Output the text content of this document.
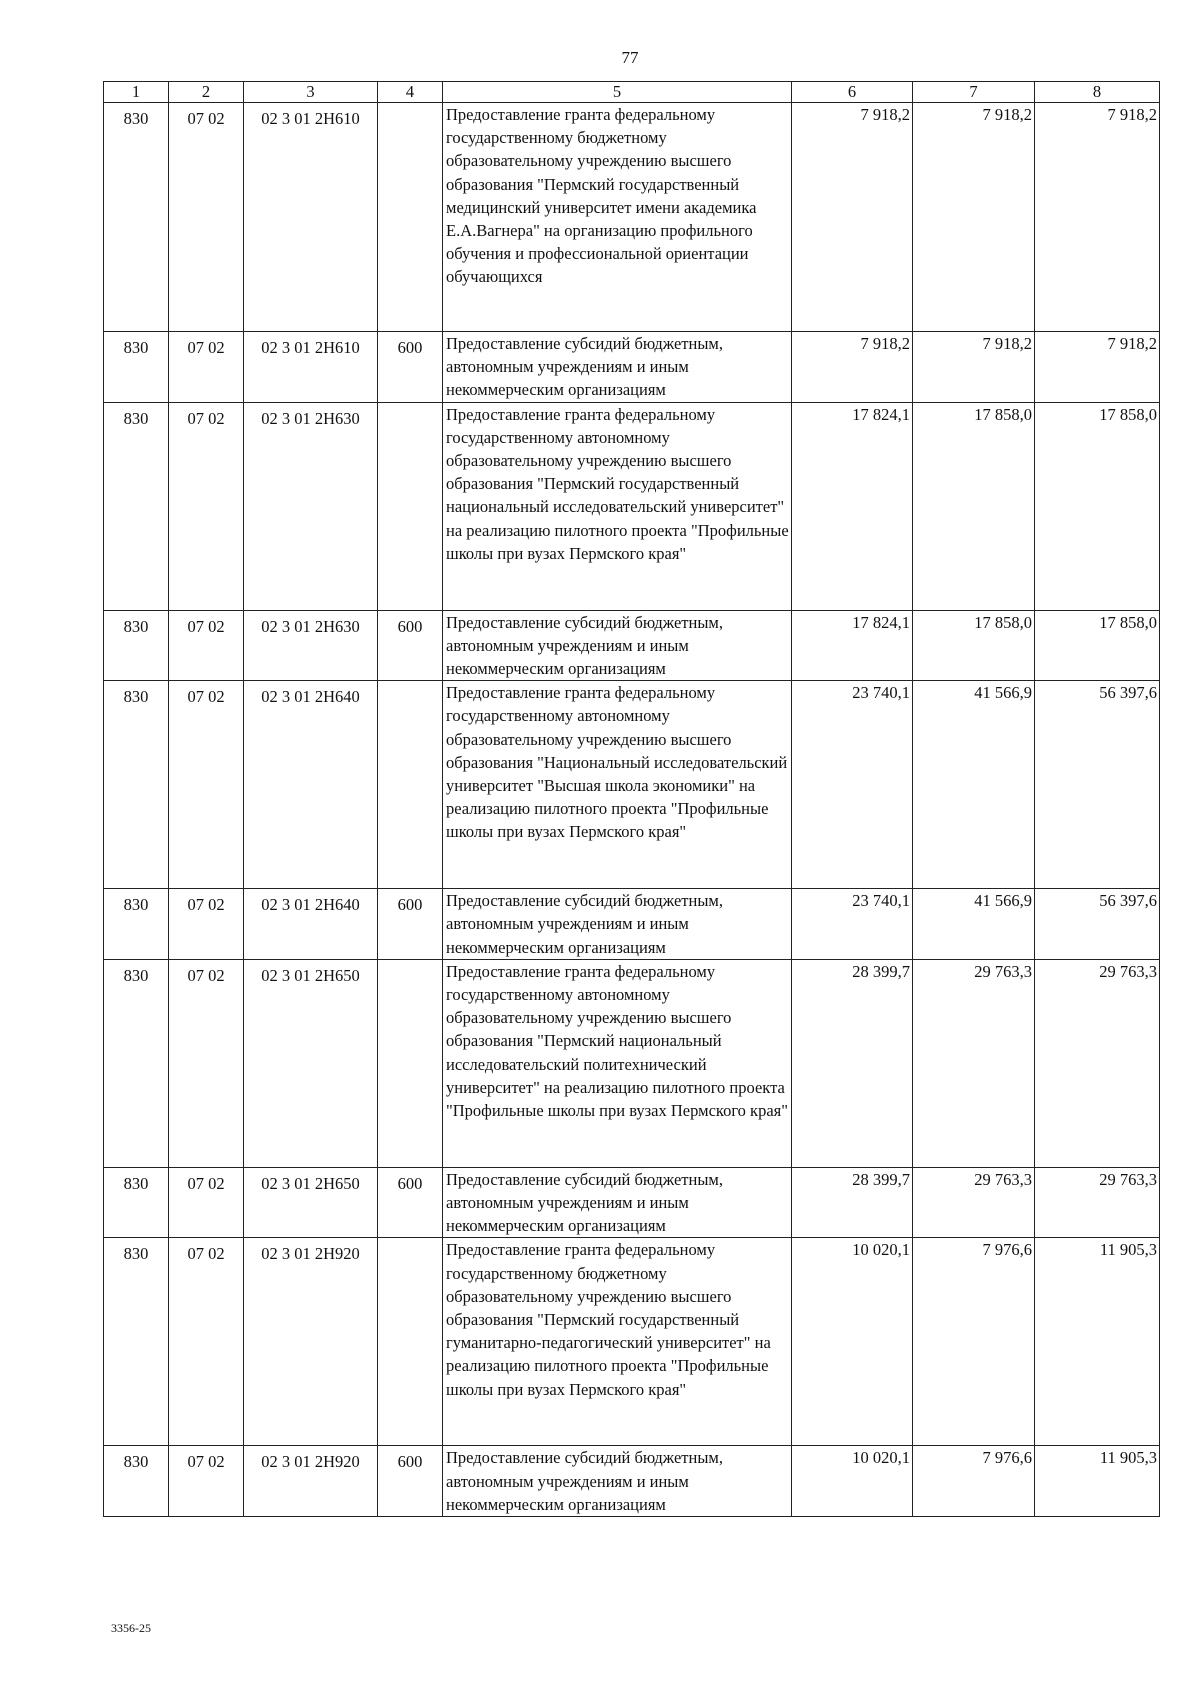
77
1	2	3	4	5	6	7	8
830	07 02	02 3 01 2Н610		Предоставление гранта федеральному государственному бюджетному образовательному учреждению высшего образования "Пермский государственный медицинский университет имени академика Е.А.Вагнера" на организацию профильного обучения и профессиональной ориентации обучающихся	7 918,2	7 918,2	7 918,2
830	07 02	02 3 01 2Н610	600	Предоставление субсидий бюджетным, автономным учреждениям и иным некоммерческим организациям	7 918,2	7 918,2	7 918,2
830	07 02	02 3 01 2Н630		Предоставление гранта федеральному государственному автономному образовательному учреждению высшего образования "Пермский государственный национальный исследовательский университет" на реализацию пилотного проекта "Профильные школы при вузах Пермского края"	17 824,1	17 858,0	17 858,0
830	07 02	02 3 01 2Н630	600	Предоставление субсидий бюджетным, автономным учреждениям и иным некоммерческим организациям	17 824,1	17 858,0	17 858,0
830	07 02	02 3 01 2Н640		Предоставление гранта федеральному государственному автономному образовательному учреждению высшего образования "Национальный исследовательский университет "Высшая школа экономики" на реализацию пилотного проекта "Профильные школы при вузах Пермского края"	23 740,1	41 566,9	56 397,6
830	07 02	02 3 01 2Н640	600	Предоставление субсидий бюджетным, автономным учреждениям и иным некоммерческим организациям	23 740,1	41 566,9	56 397,6
830	07 02	02 3 01 2Н650		Предоставление гранта федеральному государственному автономному образовательному учреждению высшего образования "Пермский национальный исследовательский политехнический университет" на реализацию пилотного проекта "Профильные школы при вузах Пермского края"	28 399,7	29 763,3	29 763,3
830	07 02	02 3 01 2Н650	600	Предоставление субсидий бюджетным, автономным учреждениям и иным некоммерческим организациям	28 399,7	29 763,3	29 763,3
830	07 02	02 3 01 2Н920		Предоставление гранта федеральному государственному бюджетному образовательному учреждению высшего образования "Пермский государственный гуманитарно-педагогический университет" на реализацию пилотного проекта "Профильные школы при вузах Пермского края"	10 020,1	7 976,6	11 905,3
830	07 02	02 3 01 2Н920	600	Предоставление субсидий бюджетным, автономным учреждениям и иным некоммерческим организациям	10 020,1	7 976,6	11 905,3
3356-25
